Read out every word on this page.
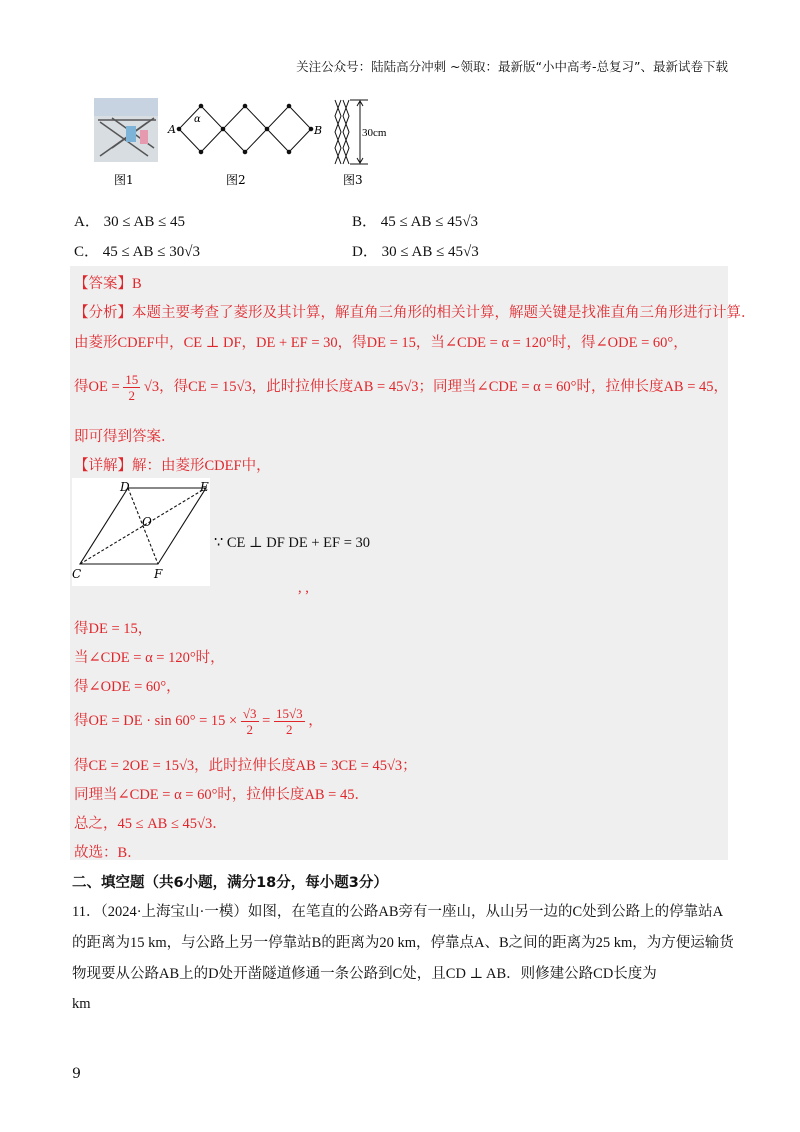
关注公众号：陆陆高分冲刺 ~领取：最新版“小中高考-总复习”、最新试卷下载
A	B
α
30cm
图1	图2	图3
A． 30 ≤ AB ≤ 45	B． 45 ≤ AB ≤ 45√3
C． 45 ≤ AB ≤ 30√3	D． 30 ≤ AB ≤ 45√3
【答案】B
【分析】本题主要考查了菱形及其计算，解直角三角形的相关计算，解题关键是找准直角三角形进行计算．
由菱形CDEF中，CE ⊥ DF，DE + EF = 30，得DE = 15，当∠CDE = α = 120°时，得∠ODE = 60°，
得OE = $\frac{15}{2} √3$，得CE = 15√3，此时拉伸长度AB = 45√3；同理当∠CDE = α = 60°时，拉伸长度AB = 45，
即可得到答案．
【详解】解：由菱形CDEF中，
D	E
O
C	F
∵ CE ⊥ DF DE + EF = 30
, ,
得DE = 15，
当∠CDE = α = 120°时，
得∠ODE = 60°，
得OE = DE · $\sin 60^\circ = 15 \times \frac{√3}{2} = \frac{15√3}{2}$ ，
得CE = 2OE = 15√3，此时拉伸长度AB = 3CE = 45√3；
同理当∠CDE = α = 60°时，拉伸长度AB = 45．
总之，45 ≤ AB ≤ 45√3．
故选：B．
二、填空题（共6小题，满分18分，每小题3分）
11．（2024·上海宝山·一模）如图，在笔直的公路AB旁有一座山，从山另一边的C处到公路上的停靠站A
的距离为15 km，与公路上另一停靠站B的距离为20 km，停靠点A、B之间的距离为25 km，为方便运输货
物现要从公路AB上的D处开凿隧道修通一条公路到C处，且CD ⊥ AB．则修建公路CD长度为
km
9
